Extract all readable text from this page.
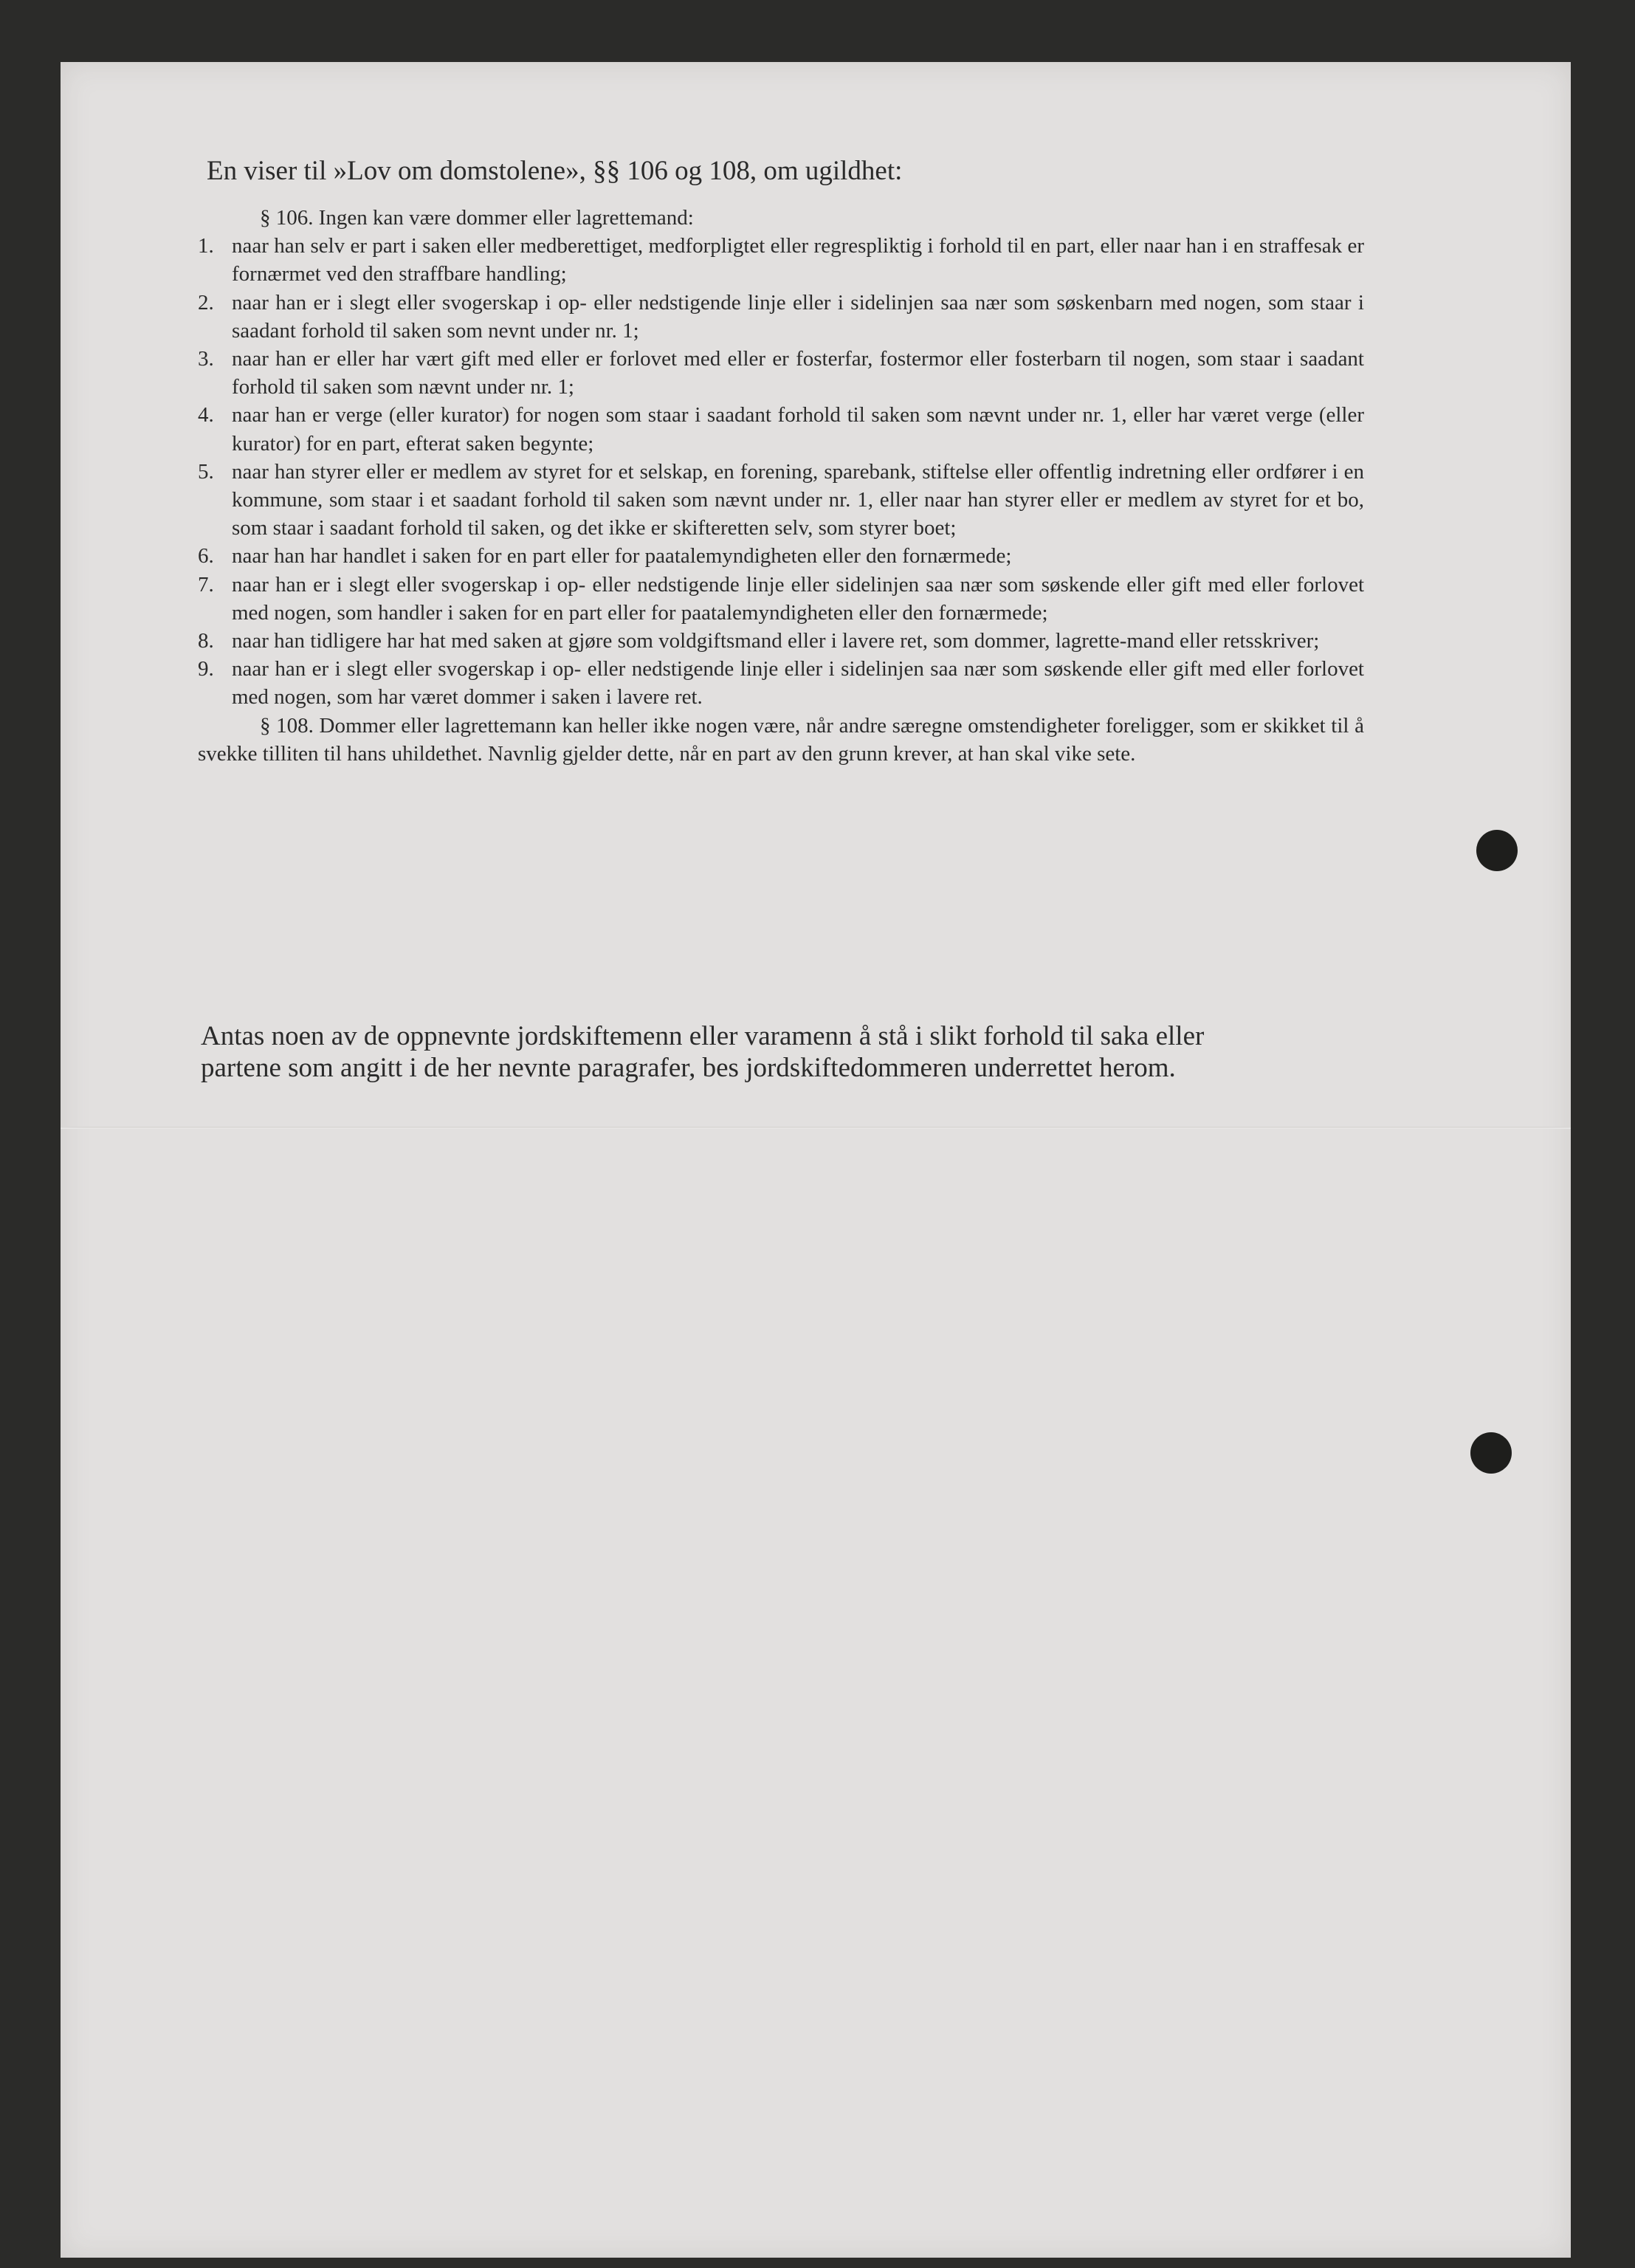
En viser til »Lov om domstolene», §§ 106 og 108, om ugildhet:
§ 106. Ingen kan være dommer eller lagrettemand:
1. naar han selv er part i saken eller medberettiget, medforpligtet eller regrespliktig i forhold til en part, eller naar han i en straffesak er fornærmet ved den straffbare handling;
2. naar han er i slegt eller svogerskap i op- eller nedstigende linje eller i sidelinjen saa nær som søskenbarn med nogen, som staar i saadant forhold til saken som nevnt under nr. 1;
3. naar han er eller har vært gift med eller er forlovet med eller er fosterfar, fostermor eller fosterbarn til nogen, som staar i saadant forhold til saken som nævnt under nr. 1;
4. naar han er verge (eller kurator) for nogen som staar i saadant forhold til saken som nævnt under nr. 1, eller har været verge (eller kurator) for en part, efterat saken begynte;
5. naar han styrer eller er medlem av styret for et selskap, en forening, sparebank, stiftelse eller offentlig indretning eller ordfører i en kommune, som staar i et saadant forhold til saken som nævnt under nr. 1, eller naar han styrer eller er medlem av styret for et bo, som staar i saadant forhold til saken, og det ikke er skifteretten selv, som styrer boet;
6. naar han har handlet i saken for en part eller for paatalemyndigheten eller den fornærmede;
7. naar han er i slegt eller svogerskap i op- eller nedstigende linje eller sidelinjen saa nær som søskende eller gift med eller forlovet med nogen, som handler i saken for en part eller for paatalemyndigheten eller den fornærmede;
8. naar han tidligere har hat med saken at gjøre som voldgiftsmand eller i lavere ret, som dommer, lagrette-mand eller retsskriver;
9. naar han er i slegt eller svogerskap i op- eller nedstigende linje eller i sidelinjen saa nær som søskende eller gift med eller forlovet med nogen, som har været dommer i saken i lavere ret.
§ 108. Dommer eller lagrettemann kan heller ikke nogen være, når andre særegne omstendigheter foreligger, som er skikket til å svekke tilliten til hans uhildethet. Navnlig gjelder dette, når en part av den grunn krever, at han skal vike sete.
Antas noen av de oppnevnte jordskiftemenn eller varamenn å stå i slikt forhold til saka eller
partene som angitt i de her nevnte paragrafer, bes jordskiftedommeren underrettet herom.
